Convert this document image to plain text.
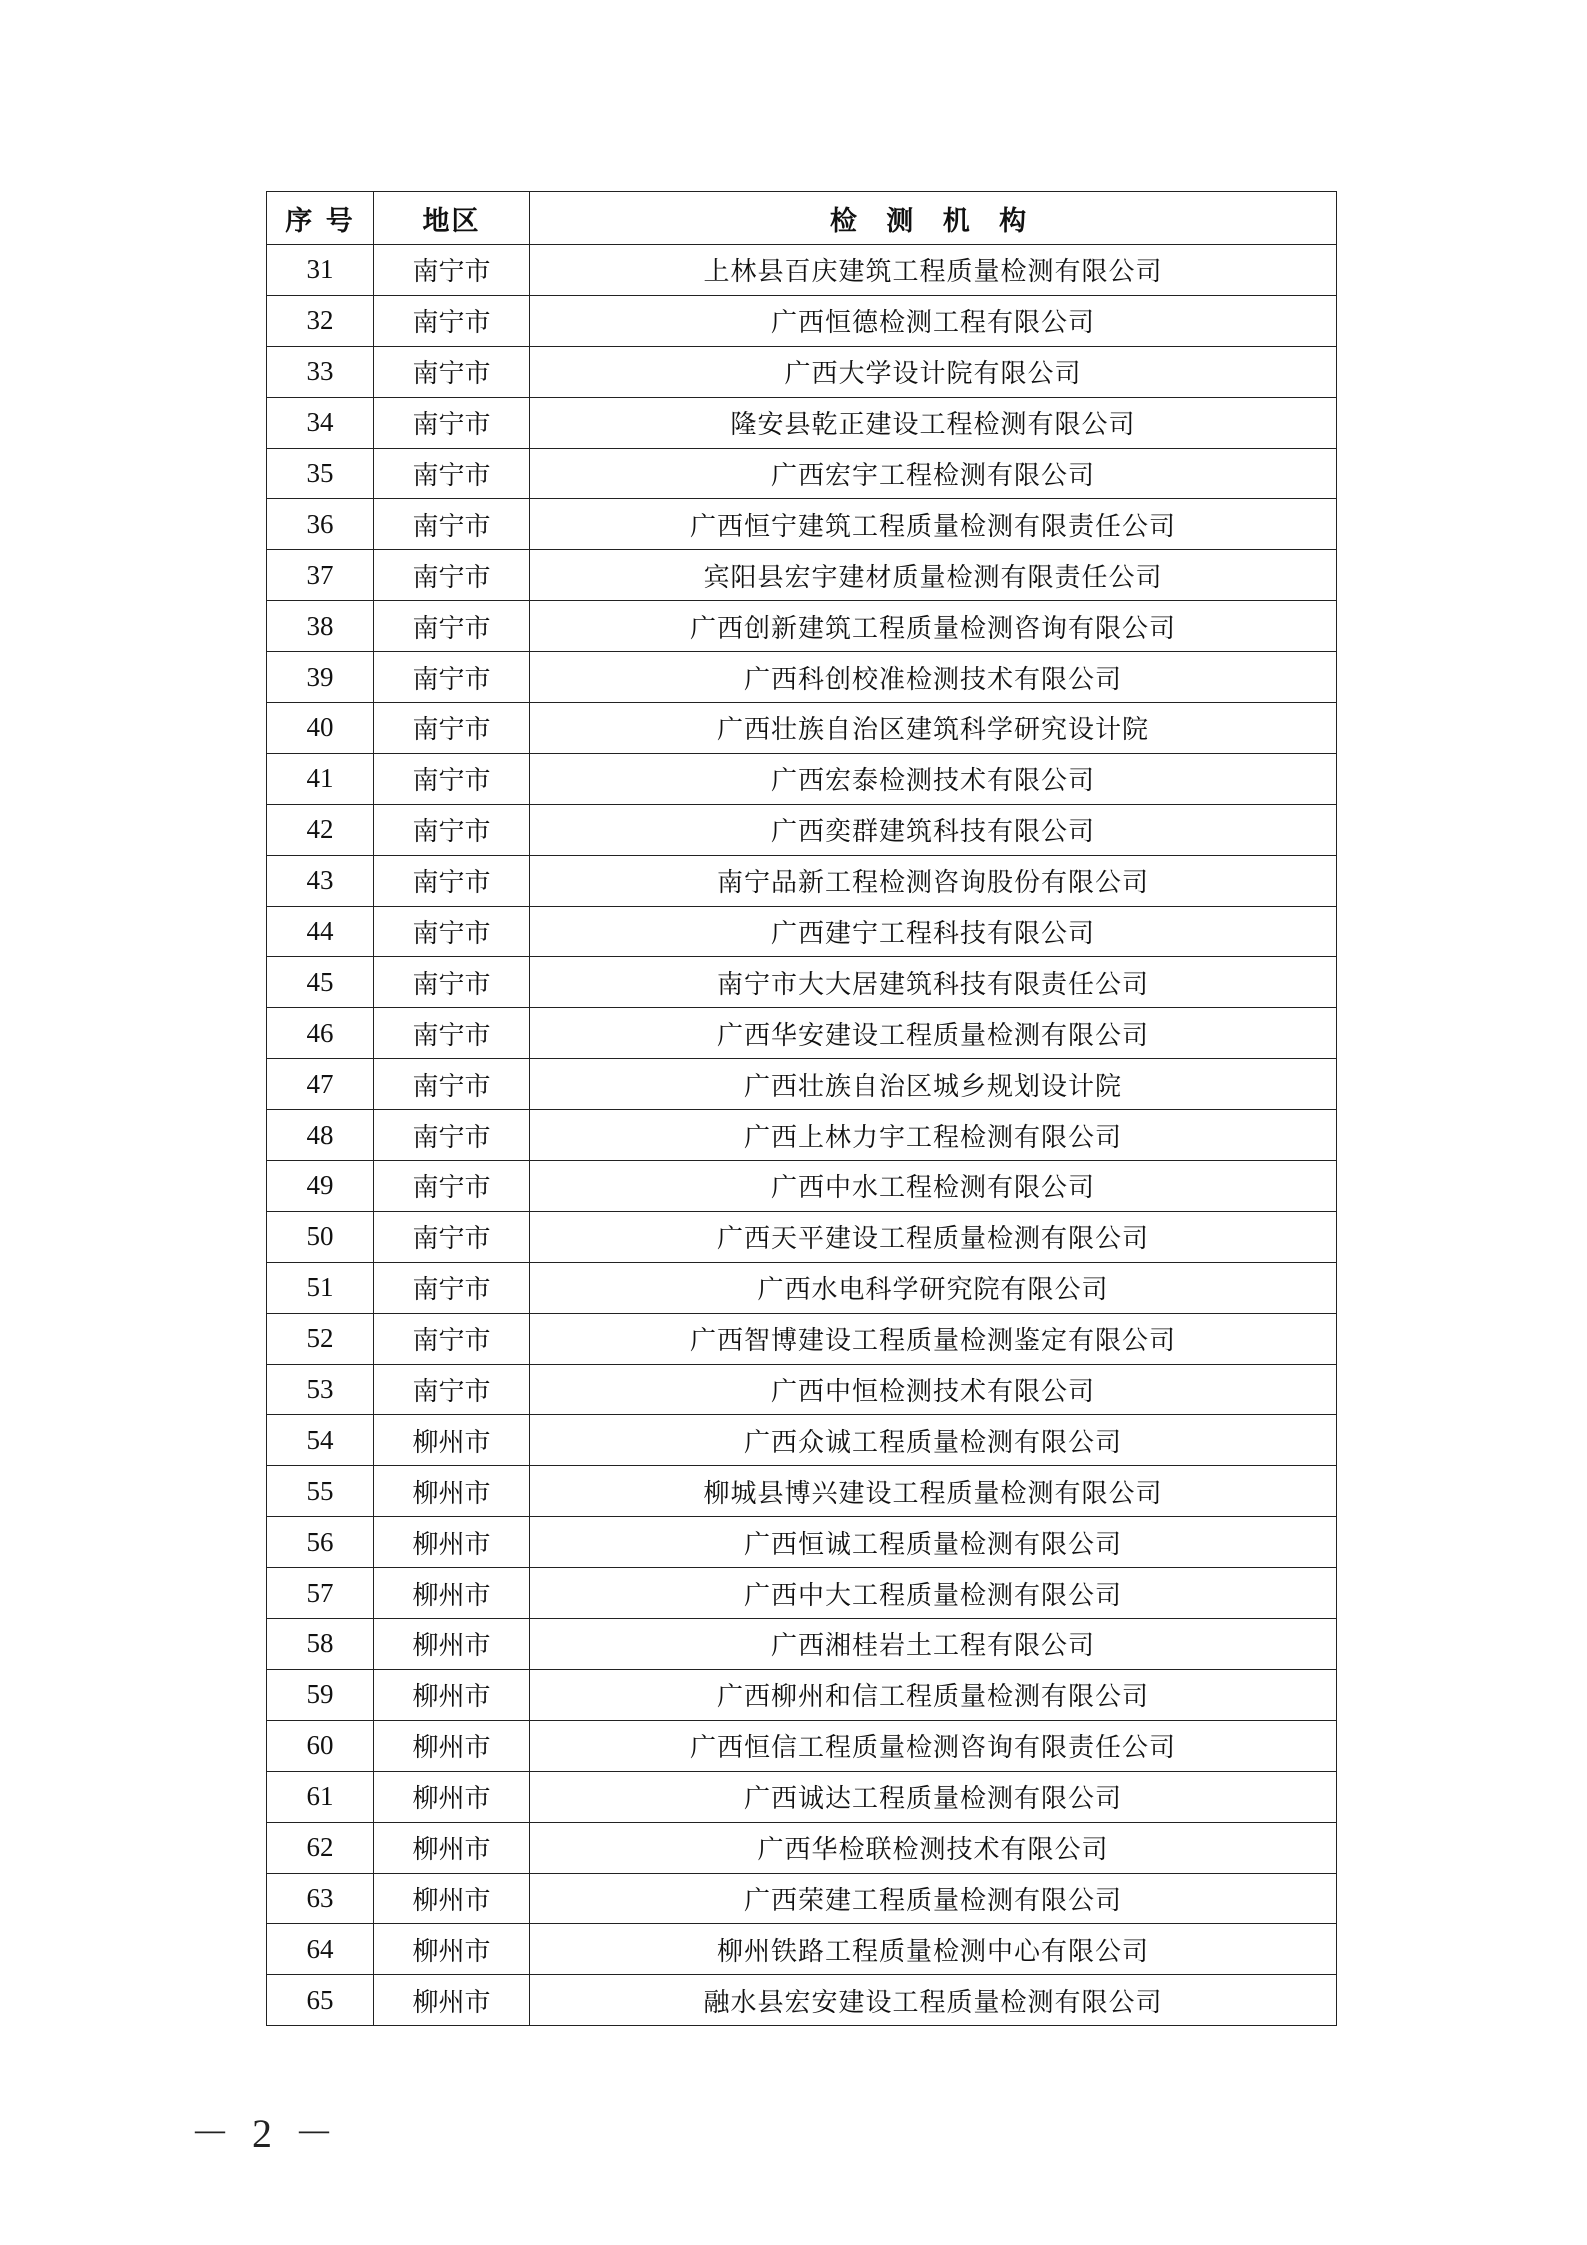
序 号	地区	检 测 机 构
31	南宁市	上林县百庆建筑工程质量检测有限公司
32	南宁市	广西恒德检测工程有限公司
33	南宁市	广西大学设计院有限公司
34	南宁市	隆安县乾正建设工程检测有限公司
35	南宁市	广西宏宇工程检测有限公司
36	南宁市	广西恒宁建筑工程质量检测有限责任公司
37	南宁市	宾阳县宏宇建材质量检测有限责任公司
38	南宁市	广西创新建筑工程质量检测咨询有限公司
39	南宁市	广西科创校准检测技术有限公司
40	南宁市	广西壮族自治区建筑科学研究设计院
41	南宁市	广西宏泰检测技术有限公司
42	南宁市	广西奕群建筑科技有限公司
43	南宁市	南宁品新工程检测咨询股份有限公司
44	南宁市	广西建宁工程科技有限公司
45	南宁市	南宁市大大居建筑科技有限责任公司
46	南宁市	广西华安建设工程质量检测有限公司
47	南宁市	广西壮族自治区城乡规划设计院
48	南宁市	广西上林力宇工程检测有限公司
49	南宁市	广西中水工程检测有限公司
50	南宁市	广西天平建设工程质量检测有限公司
51	南宁市	广西水电科学研究院有限公司
52	南宁市	广西智博建设工程质量检测鉴定有限公司
53	南宁市	广西中恒检测技术有限公司
54	柳州市	广西众诚工程质量检测有限公司
55	柳州市	柳城县博兴建设工程质量检测有限公司
56	柳州市	广西恒诚工程质量检测有限公司
57	柳州市	广西中大工程质量检测有限公司
58	柳州市	广西湘桂岩土工程有限公司
59	柳州市	广西柳州和信工程质量检测有限公司
60	柳州市	广西恒信工程质量检测咨询有限责任公司
61	柳州市	广西诚达工程质量检测有限公司
62	柳州市	广西华检联检测技术有限公司
63	柳州市	广西荣建工程质量检测有限公司
64	柳州市	柳州铁路工程质量检测中心有限公司
65	柳州市	融水县宏安建设工程质量检测有限公司
－ 2 －
